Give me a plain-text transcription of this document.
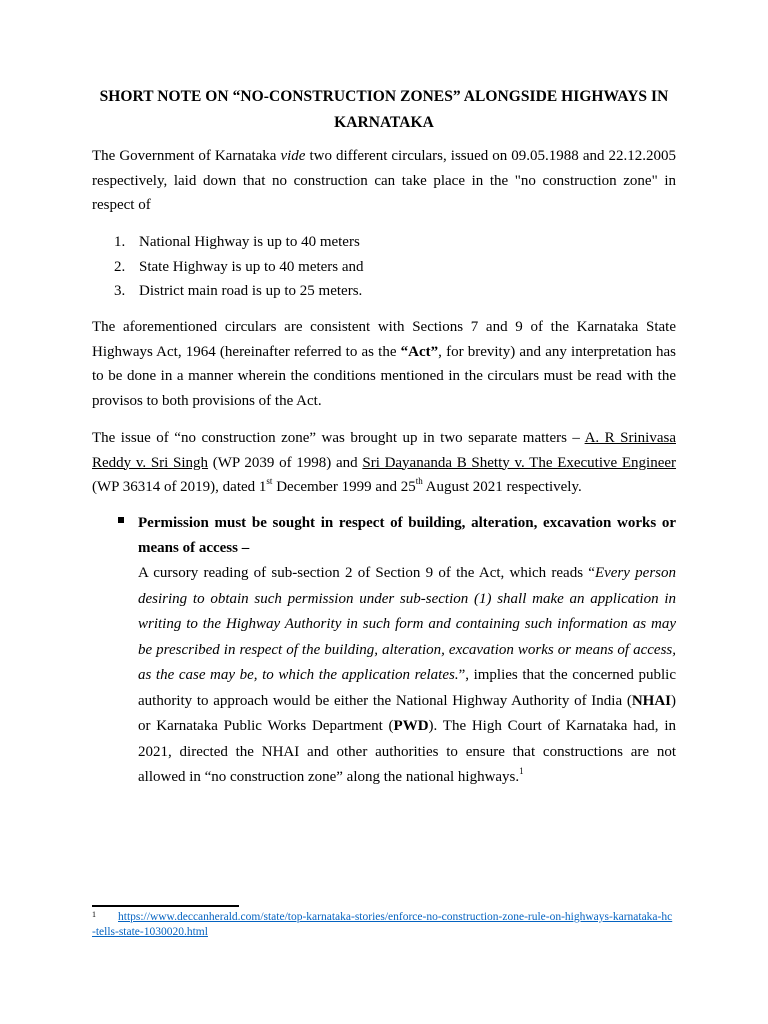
SHORT NOTE ON “NO-CONSTRUCTION ZONES” ALONGSIDE HIGHWAYS IN
KARNATAKA
The Government of Karnataka vide two different circulars, issued on 09.05.1988 and 22.12.2005 respectively, laid down that no construction can take place in the "no construction zone" in respect of
1. National Highway is up to 40 meters
2. State Highway is up to 40 meters and
3. District main road is up to 25 meters.
The aforementioned circulars are consistent with Sections 7 and 9 of the Karnataka State Highways Act, 1964 (hereinafter referred to as the “Act”, for brevity) and any interpretation has to be done in a manner wherein the conditions mentioned in the circulars must be read with the provisos to both provisions of the Act.
The issue of “no construction zone” was brought up in two separate matters – A. R Srinivasa Reddy v. Sri Singh (WP 2039 of 1998) and Sri Dayananda B Shetty v. The Executive Engineer (WP 36314 of 2019), dated 1st December 1999 and 25th August 2021 respectively.
Permission must be sought in respect of building, alteration, excavation works or means of access –
A cursory reading of sub-section 2 of Section 9 of the Act, which reads “Every person desiring to obtain such permission under sub-section (1) shall make an application in writing to the Highway Authority in such form and containing such information as may be prescribed in respect of the building, alteration, excavation works or means of access, as the case may be, to which the application relates.”, implies that the concerned public authority to approach would be either the National Highway Authority of India (NHAI) or Karnataka Public Works Department (PWD). The High Court of Karnataka had, in 2021, directed the NHAI and other authorities to ensure that constructions are not allowed in “no construction zone” along the national highways.$^1$
1	https://www.deccanherald.com/state/top-karnataka-stories/enforce-no-construction-zone-rule-on-highways-karnataka-hc-tells-state-1030020.html
